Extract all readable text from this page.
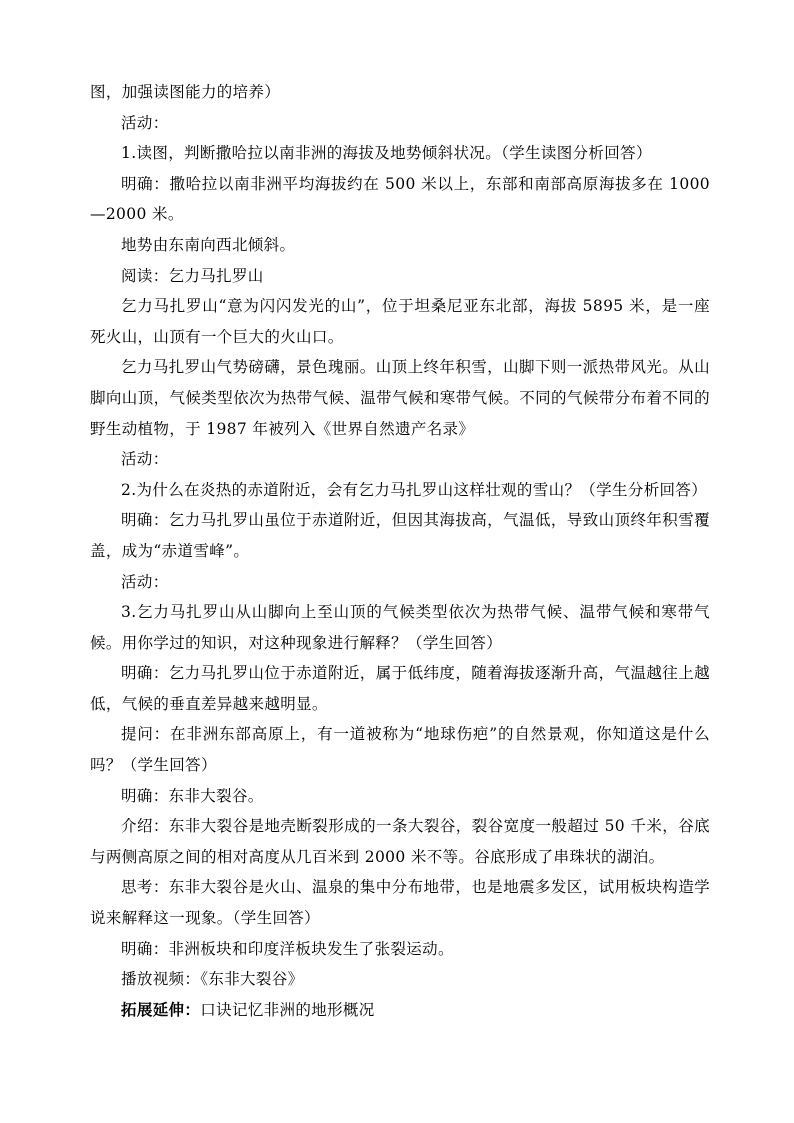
图，加强读图能力的培养）

活动：

1.读图，判断撒哈拉以南非洲的海拔及地势倾斜状况。（学生读图分析回答）

明确：撒哈拉以南非洲平均海拔约在 500 米以上，东部和南部高原海拔多在 1000—2000 米。

地势由东南向西北倾斜。

阅读：乞力马扎罗山

乞力马扎罗山“意为闪闪发光的山”，位于坦桑尼亚东北部，海拔 5895 米，是一座死火山，山顶有一个巨大的火山口。

乞力马扎罗山气势磅礴，景色瑰丽。山顶上终年积雪，山脚下则一派热带风光。从山脚向山顶，气候类型依次为热带气候、温带气候和寒带气候。不同的气候带分布着不同的野生动植物，于 1987 年被列入《世界自然遗产名录》

活动：

2.为什么在炎热的赤道附近，会有乞力马扎罗山这样壮观的雪山？（学生分析回答）

明确：乞力马扎罗山虽位于赤道附近，但因其海拔高，气温低，导致山顶终年积雪覆盖，成为“赤道雪峰”。

活动：

3.乞力马扎罗山从山脚向上至山顶的气候类型依次为热带气候、温带气候和寒带气候。用你学过的知识，对这种现象进行解释？（学生回答）

明确：乞力马扎罗山位于赤道附近，属于低纬度，随着海拔逐渐升高，气温越往上越低，气候的垂直差异越来越明显。

提问：在非洲东部高原上，有一道被称为“地球伤疤”的自然景观，你知道这是什么吗？（学生回答）

明确：东非大裂谷。

介绍：东非大裂谷是地壳断裂形成的一条大裂谷，裂谷宽度一般超过 50 千米，谷底与两侧高原之间的相对高度从几百米到 2000 米不等。谷底形成了串珠状的湖泊。

思考：东非大裂谷是火山、温泉的集中分布地带，也是地震多发区，试用板块构造学说来解释这一现象。（学生回答）

明确：非洲板块和印度洋板块发生了张裂运动。

播放视频：《东非大裂谷》

拓展延伸：口诀记忆非洲的地形概况
